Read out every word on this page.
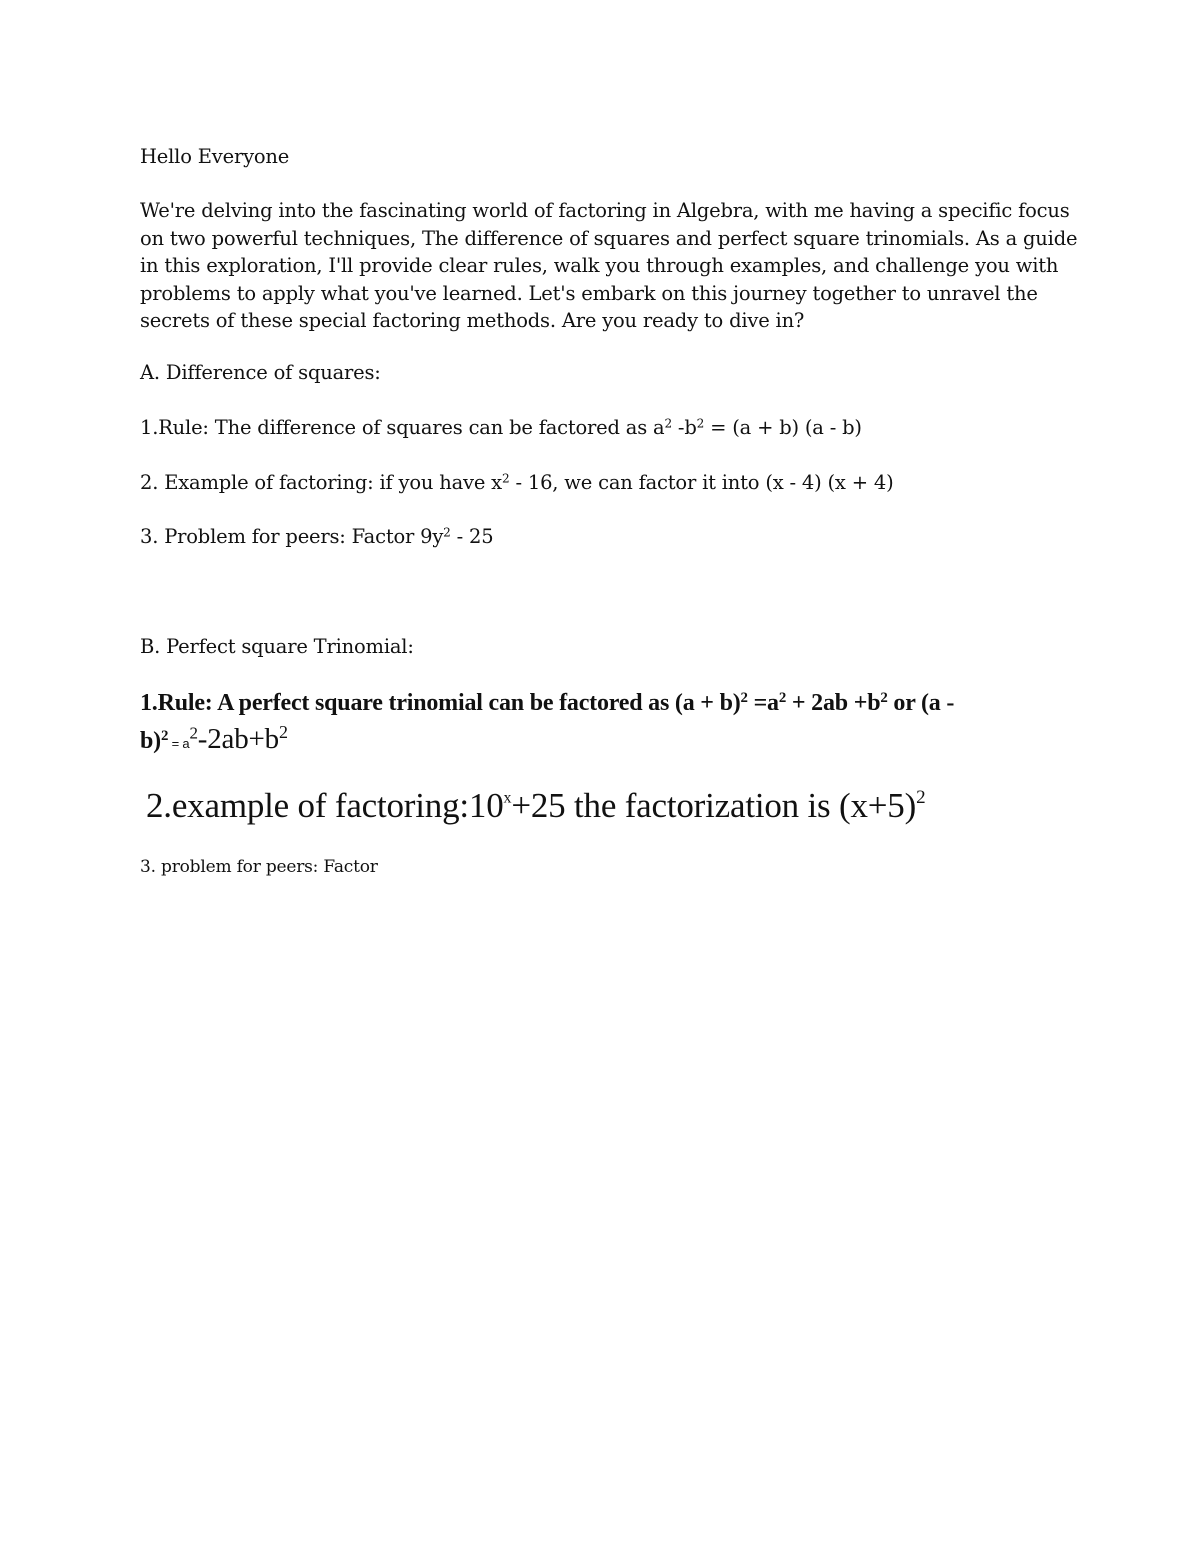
Hello Everyone
We're delving into the fascinating world of factoring in Algebra, with me having a specific focus
on two powerful techniques, The difference of squares and perfect square trinomials. As a guide
in this exploration, I'll provide clear rules, walk you through examples, and challenge you with
problems to apply what you've learned. Let's embark on this journey together to unravel the
secrets of these special factoring methods. Are you ready to dive in?
A. Difference of squares:
1.Rule: The difference of squares can be factored as $a^2$ $-b^2 = (a + b)$ (a - b)
2. Example of factoring: if you have $x^2 - 16$, we can factor it into (x - 4) (x + 4)
3. Problem for peers: Factor $9y^2 - 25$
B. Perfect square Trinomial:
1.Rule: A perfect square trinomial can be factored as $(a + b)^2 =a^2 + 2ab +b^2$ or (a -
$b)^2 = a^2-2ab+b^2$
2.example of $factoring:10^x+25$ the factorization is $(x+5)^2$
3. problem for peers: Factor
